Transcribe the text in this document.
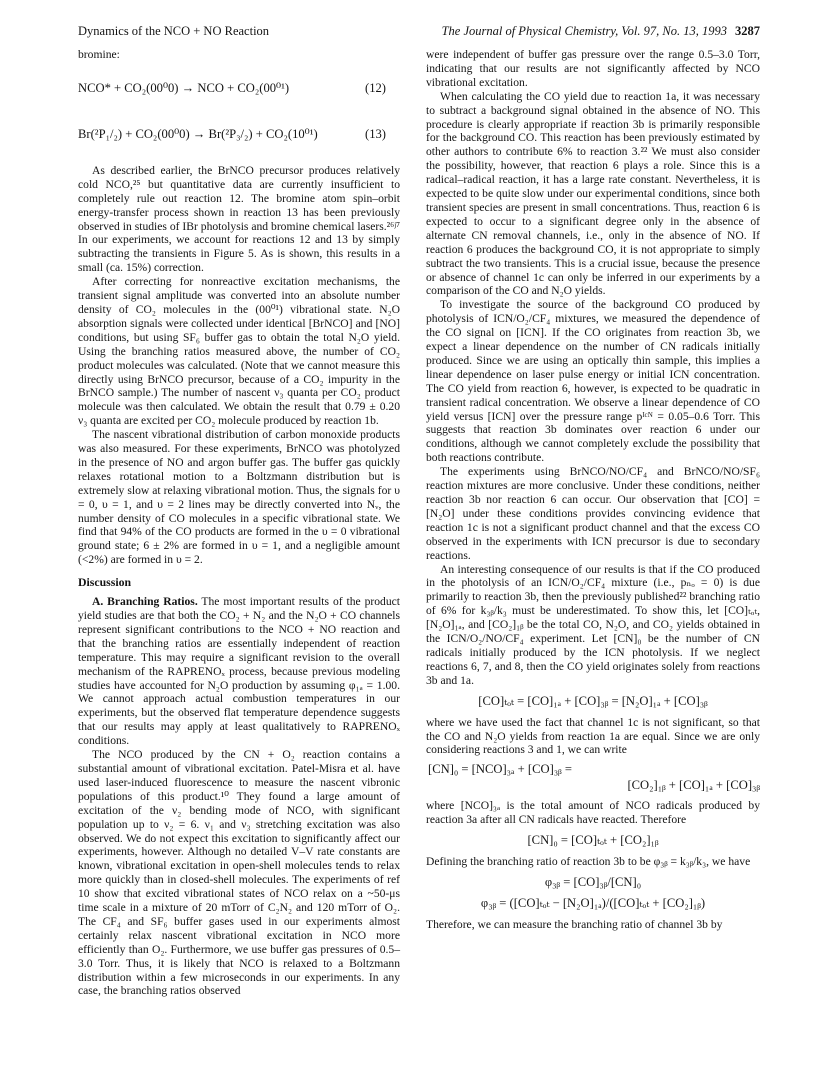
Dynamics of the NCO + NO Reaction	The Journal of Physical Chemistry, Vol. 97, No. 13, 1993 3287

bromine:

NCO* + CO₂(00⁰0) → NCO + CO₂(00⁰¹)	(12)
Br(²P₁/₂) + CO₂(00⁰0) → Br(²P₃/₂) + CO₂(10⁰¹)	(13)

As described earlier, the BrNCO precursor produces relatively cold NCO,²⁵ but quantitative data are currently insufficient to completely rule out reaction 12. The bromine atom spin–orbit energy-transfer process shown in reaction 13 has been previously observed in studies of IBr photolysis and bromine chemical lasers.²⁶ʲ⁷ In our experiments, we account for reactions 12 and 13 by simply subtracting the transients in Figure 5. As is shown, this results in a small (ca. 15%) correction.

After correcting for nonreactive excitation mechanisms, the transient signal amplitude was converted into an absolute number density of CO₂ molecules in the (00⁰¹) vibrational state. N₂O absorption signals were collected under identical [BrNCO] and [NO] conditions, but using SF₆ buffer gas to obtain the total N₂O yield. Using the branching ratios measured above, the number of CO₂ product molecules was calculated. (Note that we cannot measure this directly using BrNCO precursor, because of a CO₂ impurity in the BrNCO sample.) The number of nascent ν₃ quanta per CO₂ product molecule was then calculated. We obtain the result that 0.79 ± 0.20 ν₃ quanta are excited per CO₂ molecule produced by reaction 1b.

The nascent vibrational distribution of carbon monoxide products was also measured. For these experiments, BrNCO was photolyzed in the presence of NO and argon buffer gas. The buffer gas quickly relaxes rotational motion to a Boltzmann distribution but is extremely slow at relaxing vibrational motion. Thus, the signals for υ = 0, υ = 1, and υ = 2 lines may be directly converted into Nᵥ, the number density of CO molecules in a specific vibrational state. We find that 94% of the CO products are formed in the υ = 0 vibrational ground state; 6 ± 2% are formed in υ = 1, and a negligible amount (<2%) are formed in υ = 2.

Discussion

A. Branching Ratios. The most important results of the product yield studies are that both the CO₂ + N₂ and the N₂O + CO channels represent significant contributions to the NCO + NO reaction and that the branching ratios are essentially independent of reaction temperature. This may require a significant revision to the overall mechanism of the RAPRENOₓ process, because previous modeling studies have accounted for N₂O production by assuming φ₁ₐ = 1.00. We cannot approach actual combustion temperatures in our experiments, but the observed flat temperature dependence suggests that our results may apply at least qualitatively to RAPRENOₓ conditions.

The NCO produced by the CN + O₂ reaction contains a substantial amount of vibrational excitation. Patel-Misra et al. have used laser-induced fluorescence to measure the nascent vibronic populations of this product.¹⁰ They found a large amount of excitation of the ν₂ bending mode of NCO, with significant population up to ν₂ = 6. ν₁ and ν₃ stretching excitation was also observed. We do not expect this excitation to significantly affect our experiments, however. Although no detailed V–V rate constants are known, vibrational excitation in open-shell molecules tends to relax more quickly than in closed-shell molecules. The experiments of ref 10 show that excited vibrational states of NCO relax on a ~50-μs time scale in a mixture of 20 mTorr of C₂N₂ and 120 mTorr of O₂. The CF₄ and SF₆ buffer gases used in our experiments almost certainly relax nascent vibrational excitation in NCO more efficiently than O₂. Furthermore, we use buffer gas pressures of 0.5–3.0 Torr. Thus, it is likely that NCO is relaxed to a Boltzmann distribution within a few microseconds in our experiments. In any case, the branching ratios observed

were independent of buffer gas pressure over the range 0.5–3.0 Torr, indicating that our results are not significantly affected by NCO vibrational excitation.

When calculating the CO yield due to reaction 1a, it was necessary to subtract a background signal obtained in the absence of NO. This procedure is clearly appropriate if reaction 3b is primarily responsible for the background CO. This reaction has been previously estimated by other authors to contribute 6% to reaction 3.²² We must also consider the possibility, however, that reaction 6 plays a role. Since this is a radical–radical reaction, it has a large rate constant. Nevertheless, it is expected to be quite slow under our experimental conditions, since both transient species are present in small concentrations. Thus, reaction 6 is expected to occur to a significant degree only in the absence of alternate CN removal channels, i.e., only in the absence of NO. If reaction 6 produces the background CO, it is not appropriate to simply subtract the two transients. This is a crucial issue, because the presence or absence of channel 1c can only be inferred in our experiments by a comparison of the CO and N₂O yields.

To investigate the source of the background CO produced by photolysis of ICN/O₂/CF₄ mixtures, we measured the dependence of the CO signal on [ICN]. If the CO originates from reaction 3b, we expect a linear dependence on the number of CN radicals initially produced. Since we are using an optically thin sample, this implies a linear dependence on laser pulse energy or initial ICN concentration. The CO yield from reaction 6, however, is expected to be quadratic in transient radical concentration. We observe a linear dependence of CO yield versus [ICN] over the pressure range pᴵᶜᴺ = 0.05–0.6 Torr. This suggests that reaction 3b dominates over reaction 6 under our conditions, although we cannot completely exclude the possibility that both reactions contribute.

The experiments using BrNCO/NO/CF₄ and BrNCO/NO/SF₆ reaction mixtures are more conclusive. Under these conditions, neither reaction 3b nor reaction 6 can occur. Our observation that [CO] = [N₂O] under these conditions provides convincing evidence that reaction 1c is not a significant product channel and that the excess CO observed in the experiments with ICN precursor is due to secondary reactions.

An interesting consequence of our results is that if the CO produced in the photolysis of an ICN/O₂/CF₄ mixture (i.e., pₙₒ = 0) is due primarily to reaction 3b, then the previously published²² branching ratio of 6% for k₃ᵦ/k₃ must be underestimated. To show this, let [CO]ₜₒₜ, [N₂O]₁ₐ, and [CO₂]₁ᵦ be the total CO, N₂O, and CO₂ yields obtained in the ICN/O₂/NO/CF₄ experiment. Let [CN]₀ be the number of CN radicals initially produced by the ICN photolysis. If we neglect reactions 6, 7, and 8, then the CO yield originates solely from reactions 3b and 1a.

[CO]ₜₒₜ = [CO]₁ₐ + [CO]₃ᵦ = [N₂O]₁ₐ + [CO]₃ᵦ

where we have used the fact that channel 1c is not significant, so that the CO and N₂O yields from reaction 1a are equal. Since we are only considering reactions 3 and 1, we can write

[CN]₀ = [NCO]₃ₐ + [CO]₃ᵦ =
[CO₂]₁ᵦ + [CO]₁ₐ + [CO]₃ᵦ

where [NCO]₃ₐ is the total amount of NCO radicals produced by reaction 3a after all CN radicals have reacted. Therefore

[CN]₀ = [CO]ₜₒₜ + [CO₂]₁ᵦ

Defining the branching ratio of reaction 3b to be φ₃ᵦ = k₃ᵦ/k₃, we have

φ₃ᵦ = [CO]₃ᵦ/[CN]₀
φ₃ᵦ = ([CO]ₜₒₜ − [N₂O]₁ₐ)/([CO]ₜₒₜ + [CO₂]₁ᵦ)

Therefore, we can measure the branching ratio of channel 3b by
